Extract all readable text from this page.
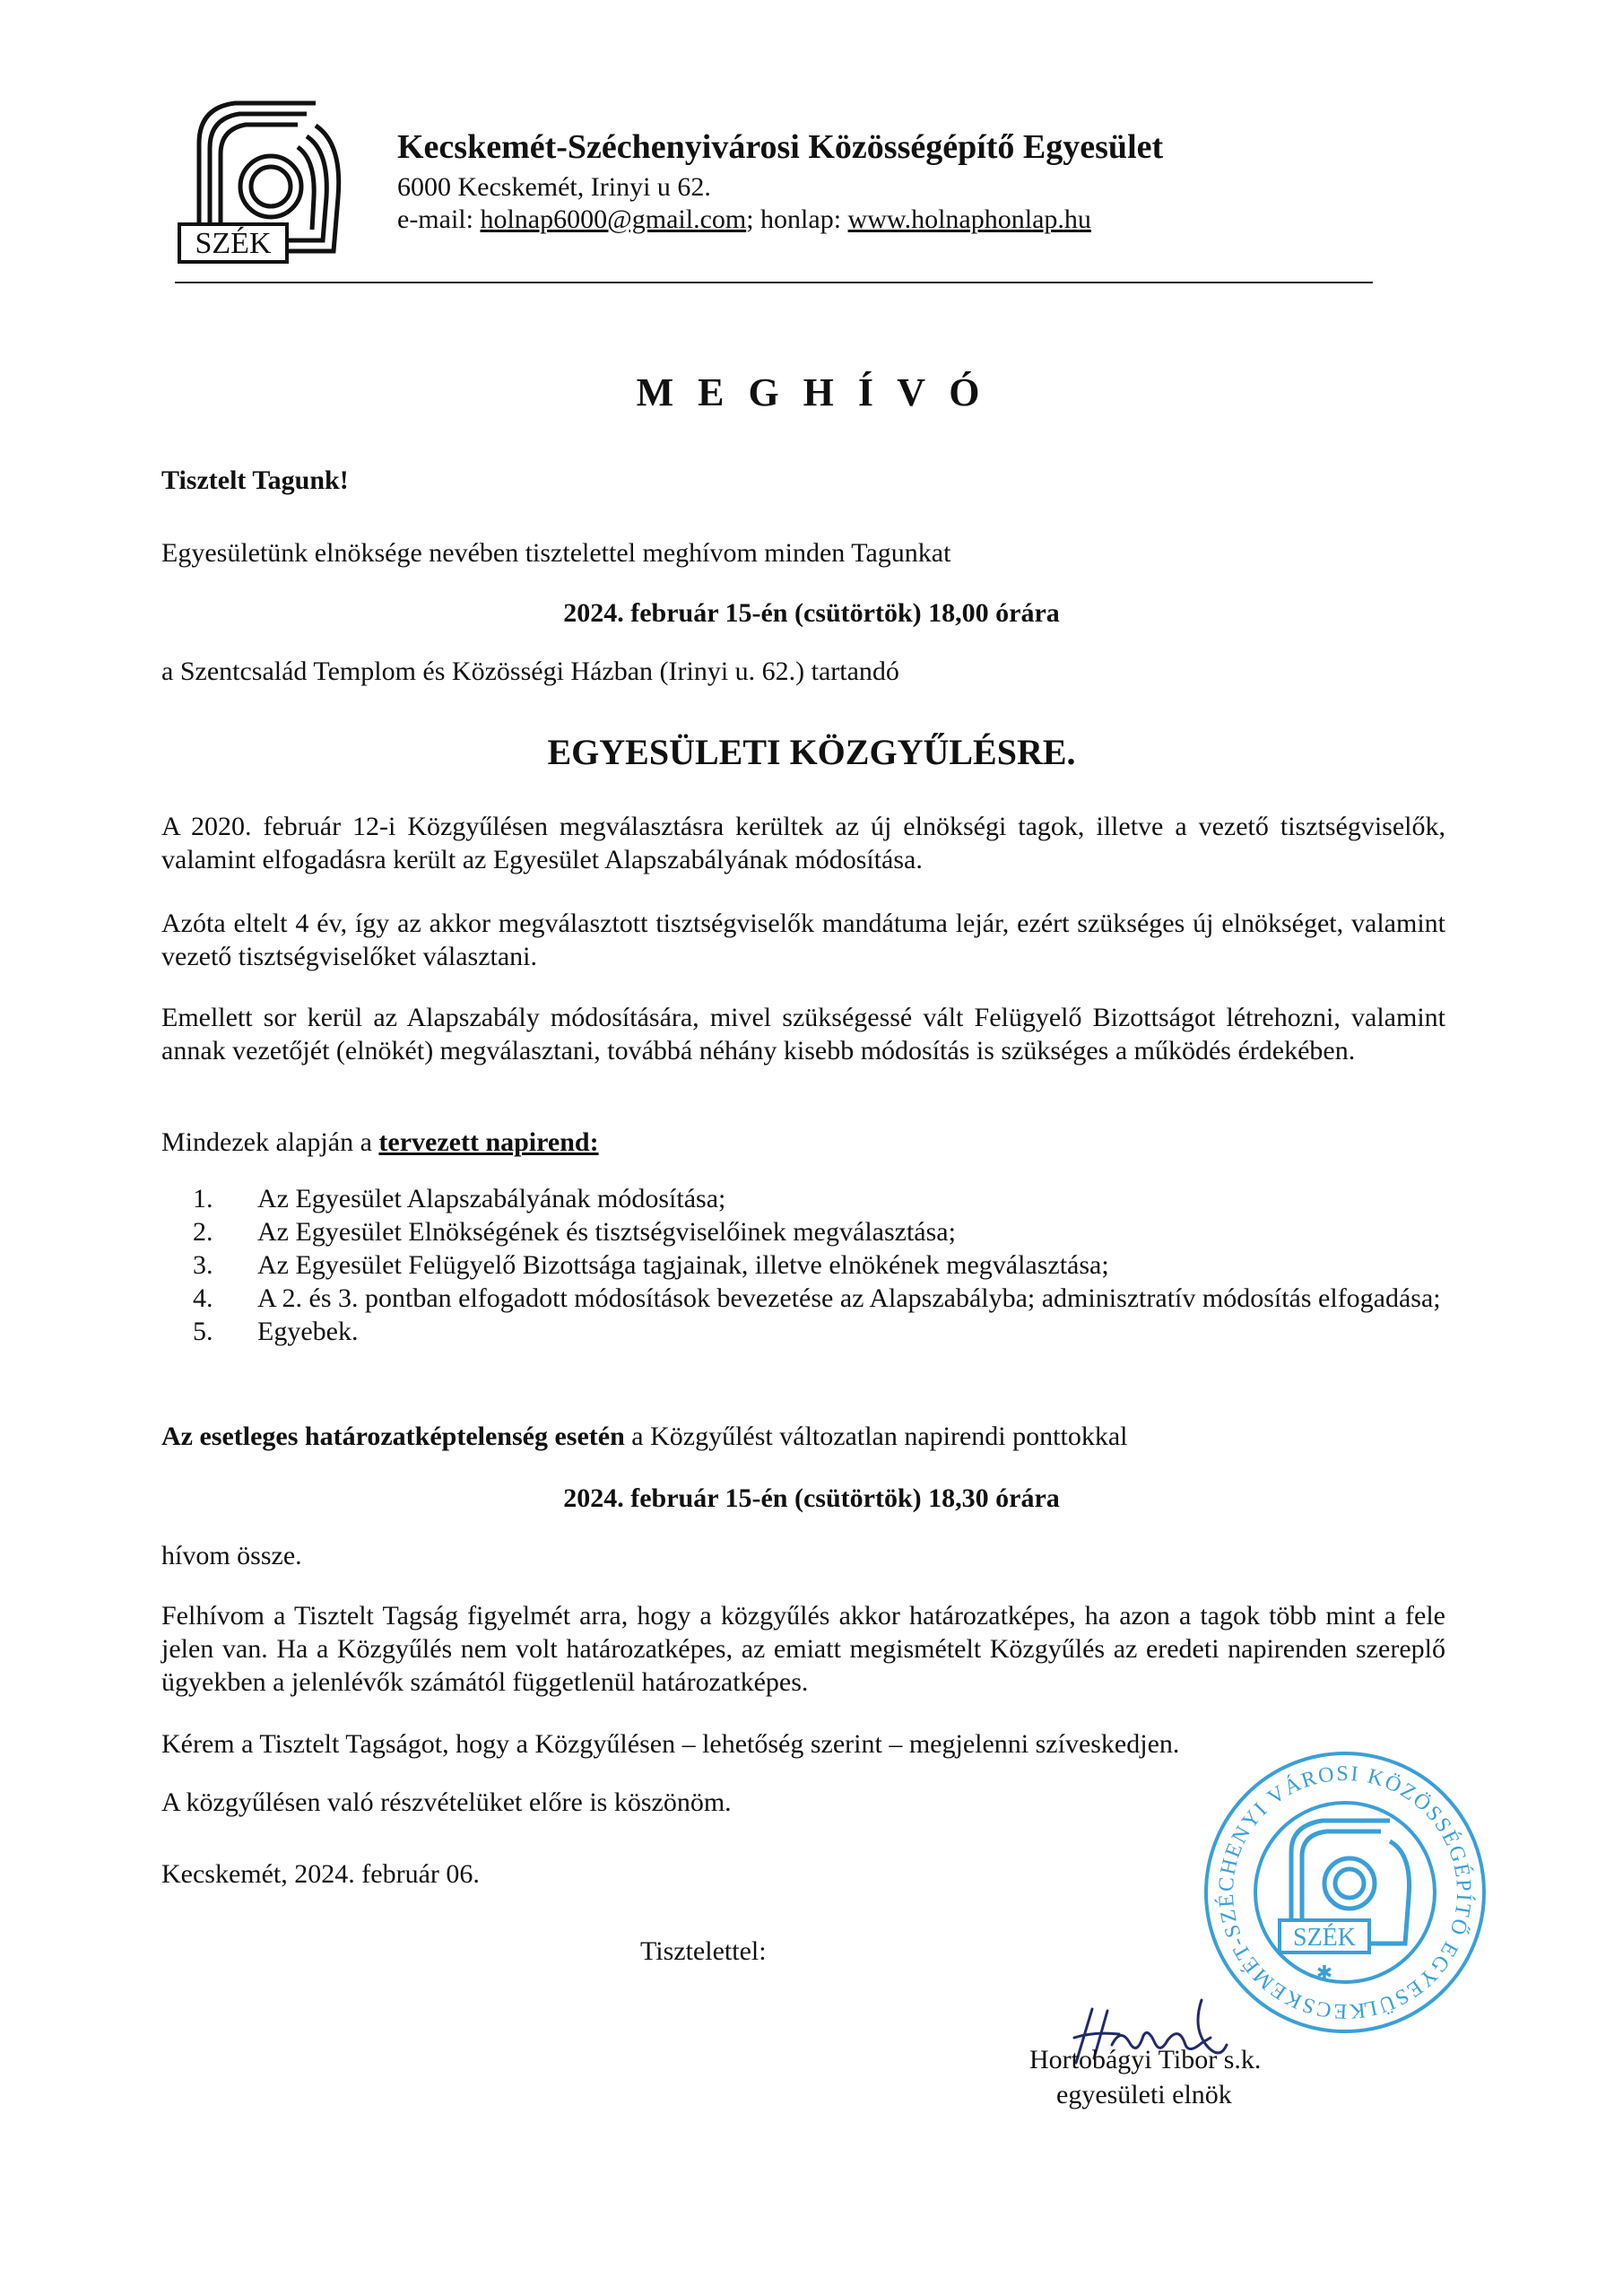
SZÉK
Kecskemét-Széchenyivárosi Közösségépítő Egyesület
6000 Kecskemét, Irinyi u 62.
e-mail: holnap6000@gmail.com; honlap: www.holnaphonlap.hu
M E G H Í V Ó
Tisztelt Tagunk!
Egyesületünk elnöksége nevében tisztelettel meghívom minden Tagunkat
2024. február 15-én (csütörtök) 18,00 órára
a Szentcsalád Templom és Közösségi Házban (Irinyi u. 62.) tartandó
EGYESÜLETI KÖZGYŰLÉSRE.
A 2020. február 12-i Közgyűlésen megválasztásra kerültek az új elnökségi tagok, illetve a vezető tisztségviselők, valamint elfogadásra került az Egyesület Alapszabályának módosítása.
Azóta eltelt 4 év, így az akkor megválasztott tisztségviselők mandátuma lejár, ezért szükséges új elnökséget, valamint vezető tisztségviselőket választani.
Emellett sor kerül az Alapszabály módosítására, mivel szükségessé vált Felügyelő Bizottságot létrehozni, valamint annak vezetőjét (elnökét) megválasztani, továbbá néhány kisebb módosítás is szükséges a működés érdekében.
Mindezek alapján a tervezett napirend:
1.	Az Egyesület Alapszabályának módosítása;
2.	Az Egyesület Elnökségének és tisztségviselőinek megválasztása;
3.	Az Egyesület Felügyelő Bizottsága tagjainak, illetve elnökének megválasztása;
4.	A 2. és 3. pontban elfogadott módosítások bevezetése az Alapszabályba; adminisztratív módosítás elfogadása;
5.	Egyebek.
Az esetleges határozatképtelenség esetén a Közgyűlést változatlan napirendi ponttokkal
2024. február 15-én (csütörtök) 18,30 órára
hívom össze.
Felhívom a Tisztelt Tagság figyelmét arra, hogy a közgyűlés akkor határozatképes, ha azon a tagok több mint a fele jelen van. Ha a Közgyűlés nem volt határozatképes, az emiatt megismételt Közgyűlés az eredeti napirenden szereplő ügyekben a jelenlévők számától függetlenül határozatképes.
Kérem a Tisztelt Tagságot, hogy a Közgyűlésen – lehetőség szerint – megjelenni szíveskedjen.
A közgyűlésen való részvételüket előre is köszönöm.
Kecskemét, 2024. február 06.
Tisztelettel:
KECSKEMÉT-SZÉCHENYI VÁROSI KÖZÖSSÉGÉPÍTŐ EGYESÜLET
SZÉK
✱
Hortobágyi Tibor s.k.
egyesületi elnök
